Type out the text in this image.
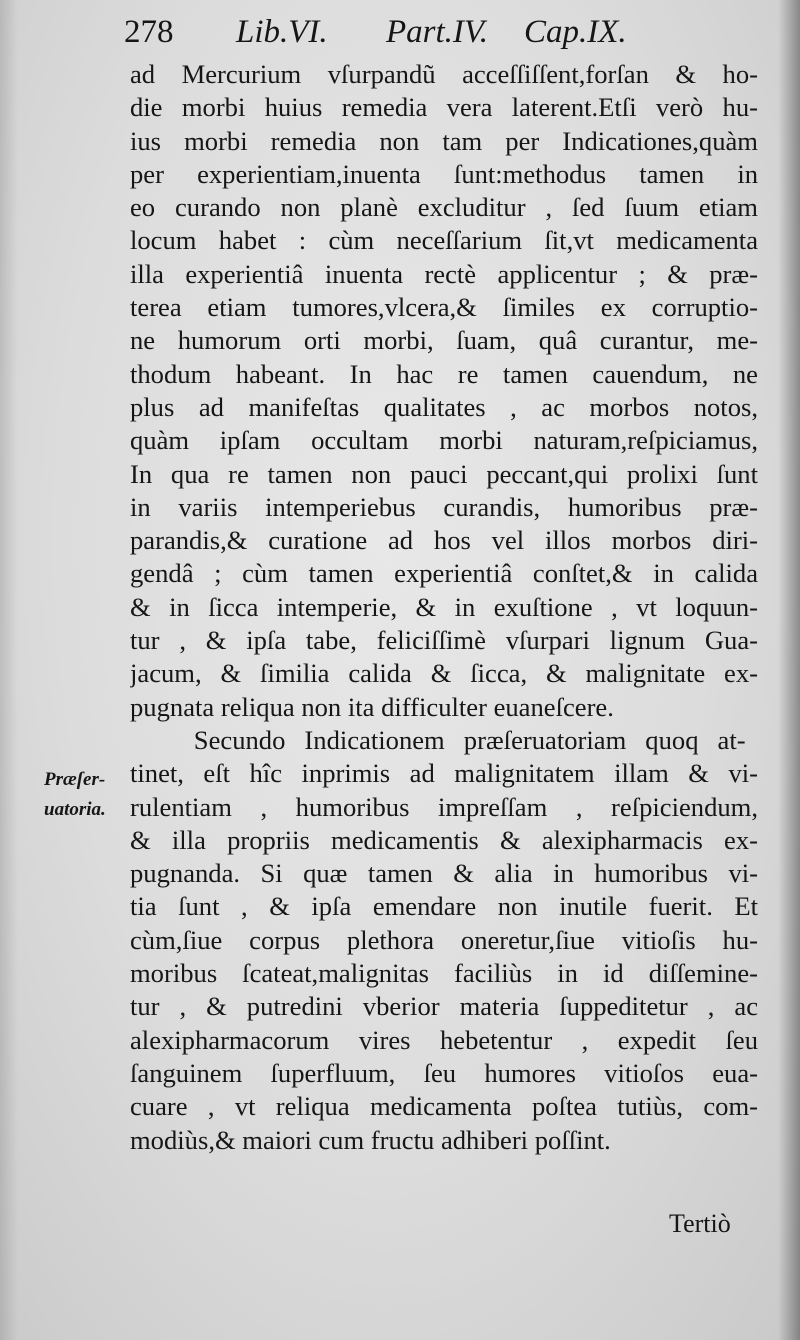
278 Lib.VI. Part.IV. Cap.IX.
Præſer-
uatoria.
ad Mercurium vſurpandũ acceſſiſſent,forſan & ho-
die morbi huius remedia vera laterent.Etſi verò hu-
ius morbi remedia non tam per Indicationes,quàm
per experientiam,inuenta ſunt:methodus tamen in
eo curando non planè excluditur , ſed ſuum etiam
locum habet : cùm neceſſarium ſit,vt medicamenta
illa experientiâ inuenta rectè applicentur ; & præ-
terea etiam tumores,vlcera,& ſimiles ex corruptio-
ne humorum orti morbi, ſuam, quâ curantur, me-
thodum habeant. In hac re tamen cauendum, ne
plus ad manifeſtas qualitates , ac morbos notos,
quàm ipſam occultam morbi naturam,reſpiciamus,
In qua re tamen non pauci peccant,qui prolixi ſunt
in variis intemperiebus curandis, humoribus præ-
parandis,& curatione ad hos vel illos morbos diri-
gendâ ; cùm tamen experientiâ conſtet,& in calida
& in ſicca intemperie, & in exuſtione , vt loquun-
tur , & ipſa tabe, feliciſſimè vſurpari lignum Gua-
jacum, & ſimilia calida & ſicca, & malignitate ex-
pugnata reliqua non ita difficulter euaneſcere.
Secundo Indicationem præſeruatoriam quoq at-
tinet, eſt hîc inprimis ad malignitatem illam & vi-
rulentiam , humoribus impreſſam , reſpiciendum,
& illa propriis medicamentis & alexipharmacis ex-
pugnanda. Si quæ tamen & alia in humoribus vi-
tia ſunt , & ipſa emendare non inutile fuerit. Et
cùm,ſiue corpus plethora oneretur,ſiue vitioſis hu-
moribus ſcateat,malignitas faciliùs in id diſſemine-
tur , & putredini vberior materia ſuppeditetur , ac
alexipharmacorum vires hebetentur , expedit ſeu
ſanguinem ſuperfluum, ſeu humores vitioſos eua-
cuare , vt reliqua medicamenta poſtea tutiùs, com-
modiùs,& maiori cum fructu adhiberi poſſint.
Tertiò
